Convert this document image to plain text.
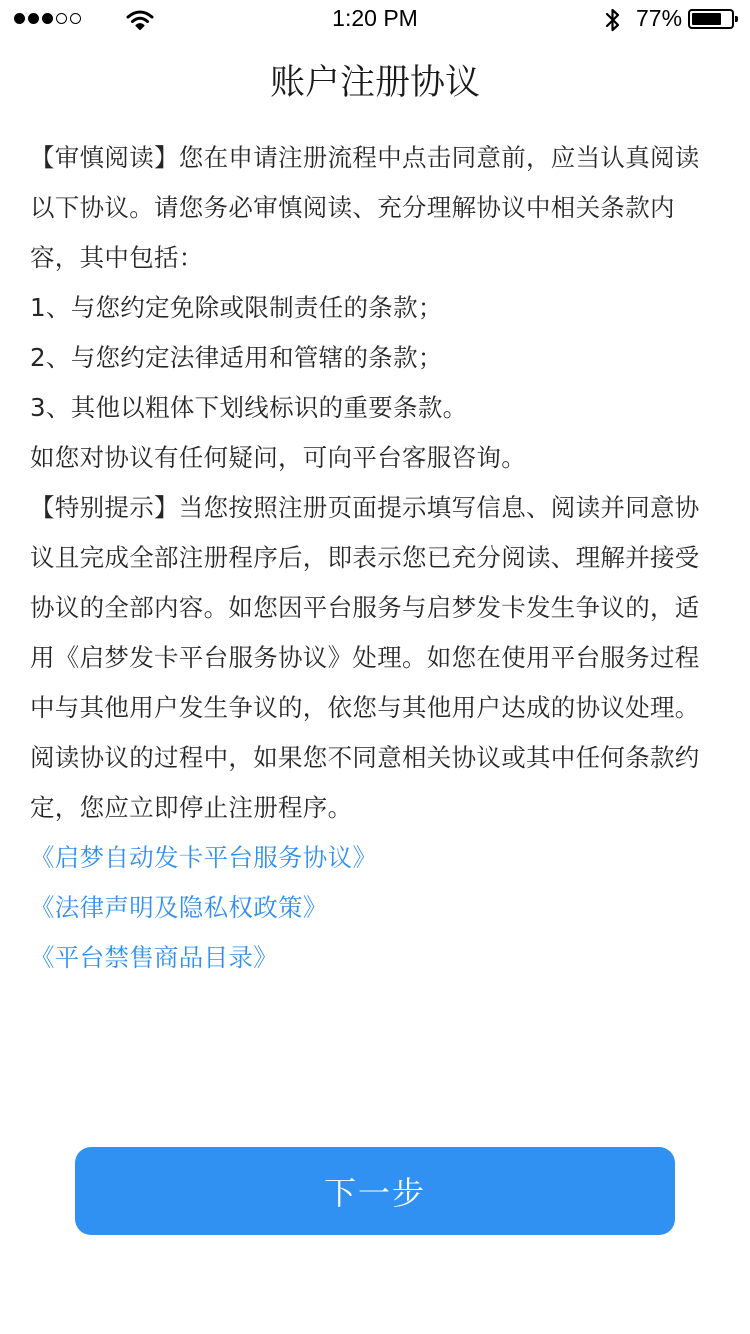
1:20 PM	77%
账户注册协议

【审慎阅读】您在申请注册流程中点击同意前，应当认真阅读以下协议。请您务必审慎阅读、充分理解协议中相关条款内容，其中包括：

1、与您约定免除或限制责任的条款；

2、与您约定法律适用和管辖的条款；

3、其他以粗体下划线标识的重要条款。

如您对协议有任何疑问，可向平台客服咨询。

【特别提示】当您按照注册页面提示填写信息、阅读并同意协议且完成全部注册程序后，即表示您已充分阅读、理解并接受协议的全部内容。如您因平台服务与启梦发卡发生争议的，适用《启梦发卡平台服务协议》处理。如您在使用平台服务过程中与其他用户发生争议的，依您与其他用户达成的协议处理。

阅读协议的过程中，如果您不同意相关协议或其中任何条款约定，您应立即停止注册程序。

《启梦自动发卡平台服务协议》
《法律声明及隐私权政策》
《平台禁售商品目录》
下一步
